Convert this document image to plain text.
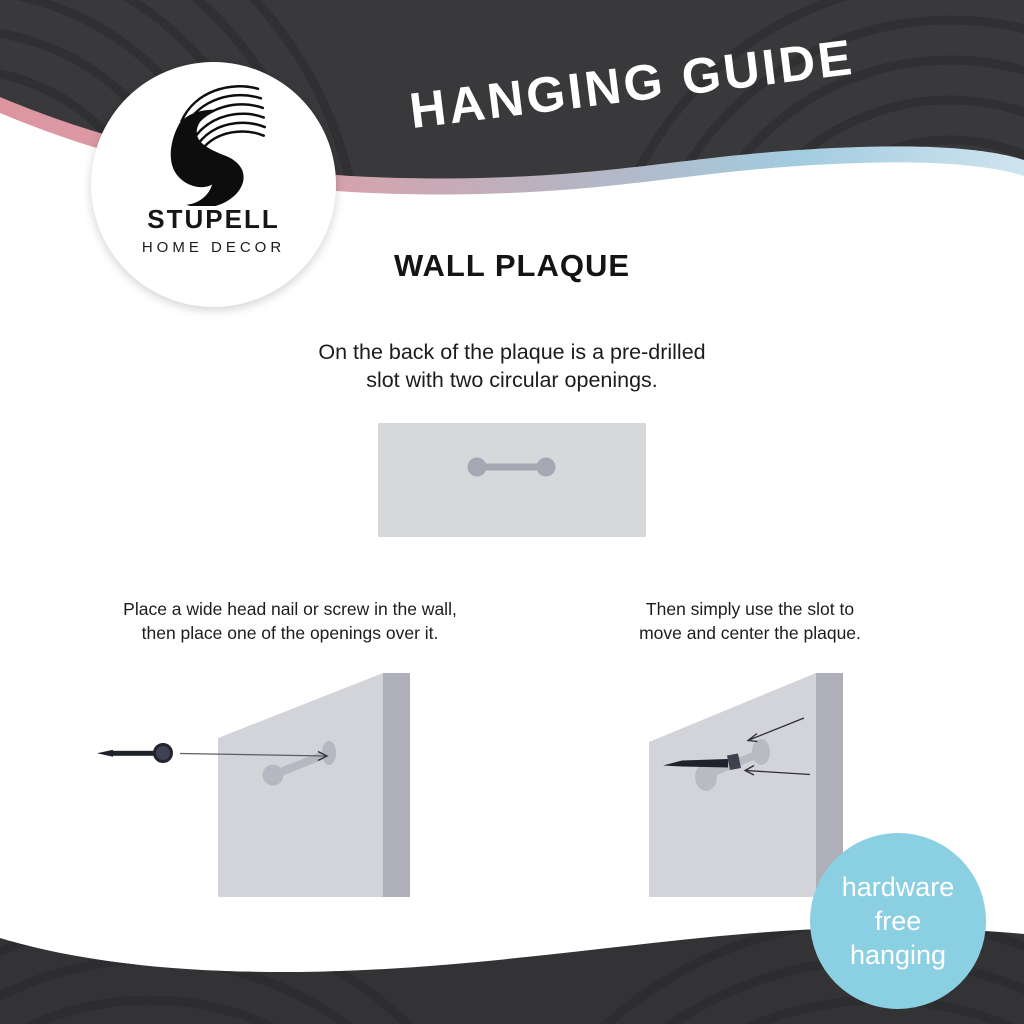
HANGING GUIDE
STUPELL
HOME DECOR
WALL PLAQUE
On the back of the plaque is a pre-drilled
slot with two circular openings.
Place a wide head nail or screw in the wall,
then place one of the openings over it.
Then simply use the slot to
move and center the plaque.
hardware
free
hanging
